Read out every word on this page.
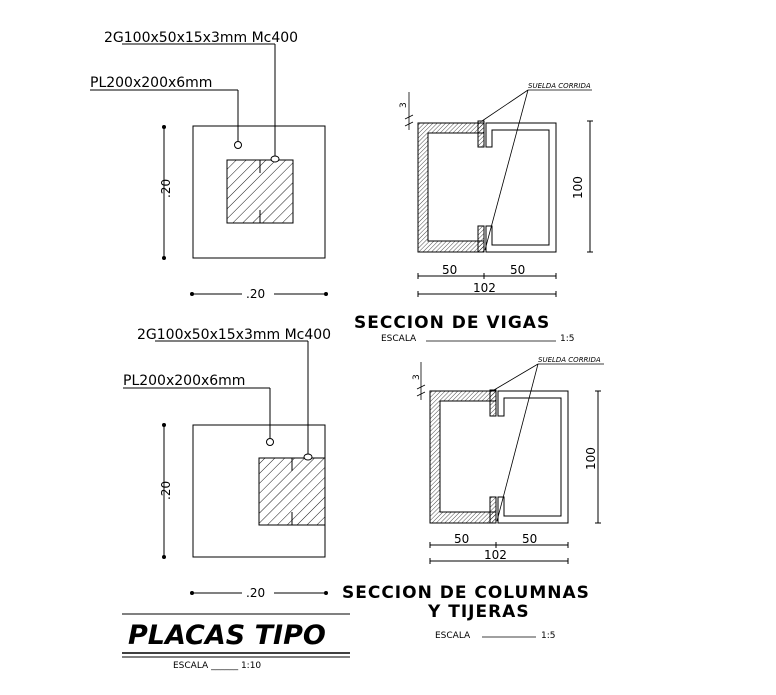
2G100x50x15x3mm Mc400
PL200x200x6mm
.20
.20
SUELDA CORRIDA
3
100
50	50
102
SECCION DE VIGAS
ESCALA	1:5
2G100x50x15x3mm Mc400
PL200x200x6mm
.20
.20
SUELDA CORRIDA
3
100
50	50
102
SECCION DE COLUMNAS
Y TIJERAS
ESCALA	1:5
PLACAS TIPO
ESCALA ______ 1:10
